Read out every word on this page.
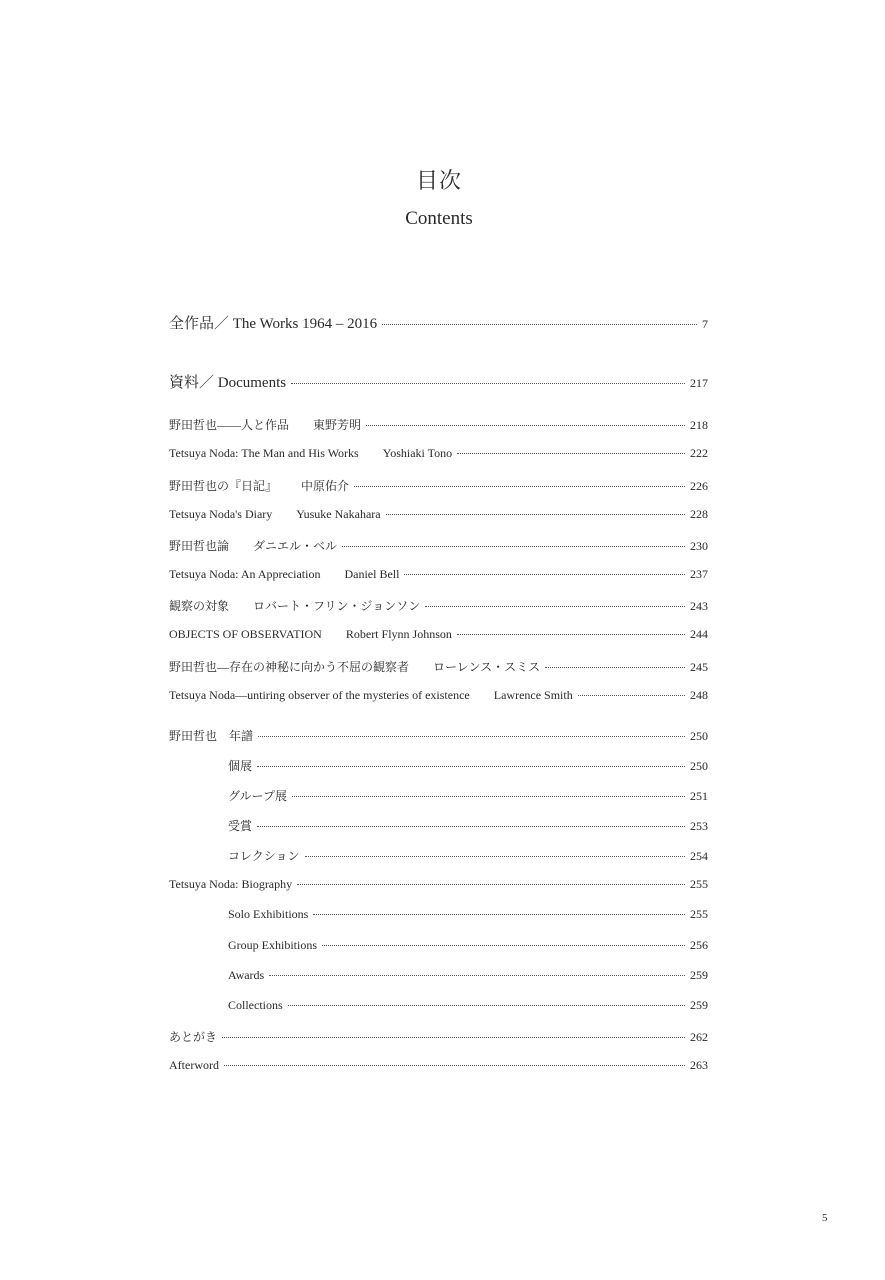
目次
Contents
全作品／ The Works 1964 – 2016	7
資料／ Documents	217
野田哲也――人と作品 東野芳明	218
Tetsuya Noda: The Man and His Works Yoshiaki Tono	222
野田哲也の『日記』 中原佑介	226
Tetsuya Noda's Diary Yusuke Nakahara	228
野田哲也論 ダニエル・ベル	230
Tetsuya Noda: An Appreciation Daniel Bell	237
観察の対象 ロバート・フリン・ジョンソン	243
OBJECTS OF OBSERVATION Robert Flynn Johnson	244
野田哲也―存在の神秘に向かう不屈の観察者 ローレンス・スミス	245
Tetsuya Noda―untiring observer of the mysteries of existence Lawrence Smith	248
野田哲也　年譜	250
個展	250
グループ展	251
受賞	253
コレクション	254
Tetsuya Noda: Biography	255
Solo Exhibitions	255
Group Exhibitions	256
Awards	259
Collections	259
あとがき	262
Afterword	263
5
